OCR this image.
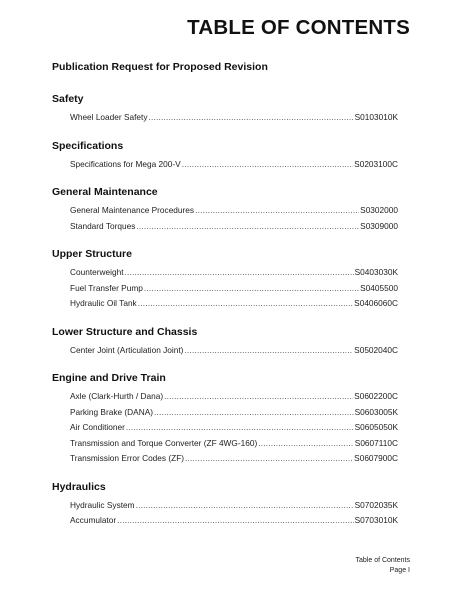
TABLE OF CONTENTS
Publication Request for Proposed Revision
Safety
Wheel Loader Safety .....	S0103010K
Specifications
Specifications for Mega 200-V .....	S0203100C
General Maintenance
General Maintenance Procedures .....	S0302000
Standard Torques .....	S0309000
Upper Structure
Counterweight .....	S0403030K
Fuel Transfer Pump .....	S0405500
Hydraulic Oil Tank .....	S0406060C
Lower Structure and Chassis
Center Joint (Articulation Joint) .....	S0502040C
Engine and Drive Train
Axle (Clark-Hurth / Dana) .....	S0602200C
Parking Brake (DANA) .....	S0603005K
Air Conditioner .....	S0605050K
Transmission and Torque Converter (ZF 4WG-160) .....	S0607110C
Transmission Error Codes (ZF) .....	S0607900C
Hydraulics
Hydraulic System .....	S0702035K
Accumulator .....	S0703010K
Table of Contents
Page I
